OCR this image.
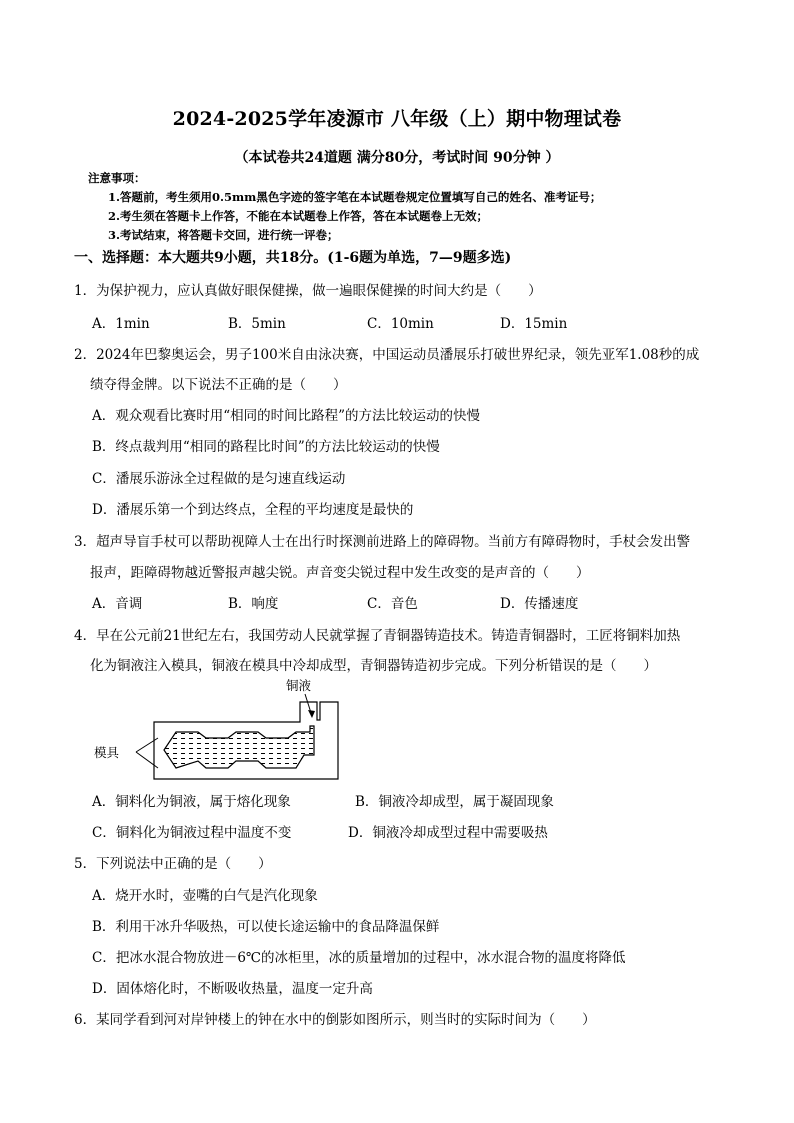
2024-2025学年凌源市 八年级（上）期中物理试卷
（本试卷共24道题 满分80分，考试时间 90分钟 ）
注意事项：
1.答题前，考生须用0.5mm黑色字迹的签字笔在本试题卷规定位置填写自己的姓名、准考证号；
2.考生须在答题卡上作答，不能在本试题卷上作答，答在本试题卷上无效；
3.考试结束，将答题卡交回，进行统一评卷；
一、选择题：本大题共9小题，共18分。(1-6题为单选，7—9题多选)
1．为保护视力，应认真做好眼保健操，做一遍眼保健操的时间大约是（　　）
A．1min	B．5min	C．10min	D．15min
2．2024年巴黎奥运会，男子100米自由泳决赛，中国运动员潘展乐打破世界纪录，领先亚军1.08秒的成
绩夺得金牌。以下说法不正确的是（　　）
A．观众观看比赛时用“相同的时间比路程”的方法比较运动的快慢
B．终点裁判用“相同的路程比时间”的方法比较运动的快慢
C．潘展乐游泳全过程做的是匀速直线运动
D．潘展乐第一个到达终点，全程的平均速度是最快的
3．超声导盲手杖可以帮助视障人士在出行时探测前进路上的障碍物。当前方有障碍物时，手杖会发出警
报声，距障碍物越近警报声越尖锐。声音变尖锐过程中发生改变的是声音的（　　）
A．音调	B．响度	C．音色	D．传播速度
4．早在公元前21世纪左右，我国劳动人民就掌握了青铜器铸造技术。铸造青铜器时，工匠将铜料加热
化为铜液注入模具，铜液在模具中冷却成型，青铜器铸造初步完成。下列分析错误的是（　　）
铜液
模具
A．铜料化为铜液，属于熔化现象	B．铜液冷却成型，属于凝固现象
C．铜料化为铜液过程中温度不变	D．铜液冷却成型过程中需要吸热
5．下列说法中正确的是（　　）
A．烧开水时，壶嘴的白气是汽化现象
B．利用干冰升华吸热，可以使长途运输中的食品降温保鲜
C．把冰水混合物放进－6℃的冰柜里，冰的质量增加的过程中，冰水混合物的温度将降低
D．固体熔化时，不断吸收热量，温度一定升高
6．某同学看到河对岸钟楼上的钟在水中的倒影如图所示，则当时的实际时间为（　　）
